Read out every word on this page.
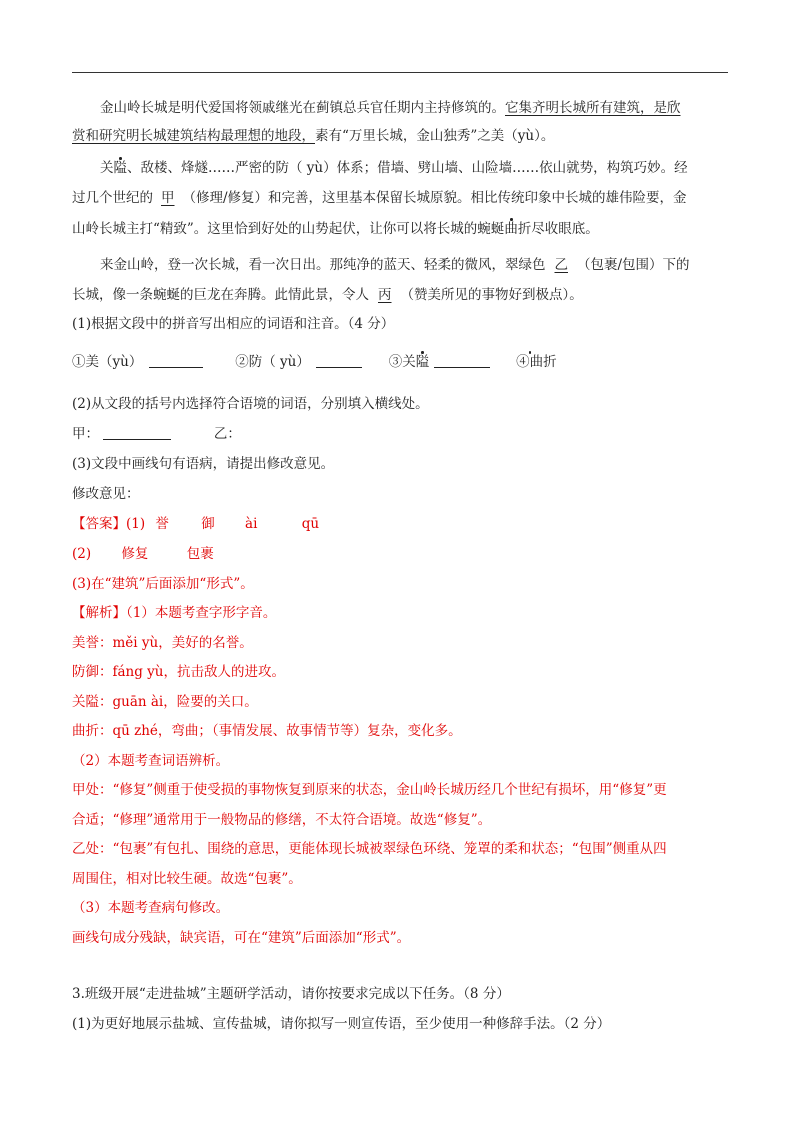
金山岭长城是明代爱国将领戚继光在蓟镇总兵官任期内主持修筑的。它集齐明长城所有建筑，是欣
赏和研究明长城建筑结构最理想的地段，素有“万里长城，金山独秀”之美（yù）。
关隘、敌楼、烽燧……严密的防（ yù）体系；借墙、劈山墙、山险墙……依山就势，构筑巧妙。经
过几个世纪的 甲 （修理/修复）和完善，这里基本保留长城原貌。相比传统印象中长城的雄伟险要，金
山岭长城主打“精致”。这里恰到好处的山势起伏，让你可以将长城的蜿蜒曲折尽收眼底。
来金山岭，登一次长城，看一次日出。那纯净的蓝天、轻柔的微风，翠绿色 乙 （包裹/包围）下的
长城，像一条蜿蜒的巨龙在奔腾。此情此景，令人 丙 （赞美所见的事物好到极点）。
(1)根据文段中的拼音写出相应的词语和注音。（4 分）
①美（yù）	②防（ yù）	③关隘	④曲折
(2)从文段的括号内选择符合语境的词语，分别填入横线处。
甲：	乙：
(3)文段中画线句有语病，请提出修改意见。
修改意见：
【答案】(1) 誉 御 ài	qū
(2) 修复	包裹
(3)在“建筑”后面添加“形式”。
【解析】（1）本题考查字形字音。
美誉：měi yù，美好的名誉。
防御：fáng yù，抗击敌人的进攻。
关隘：guān ài，险要的关口。
曲折：qū zhé，弯曲；（事情发展、故事情节等）复杂，变化多。
（2）本题考查词语辨析。
甲处：“修复”侧重于使受损的事物恢复到原来的状态，金山岭长城历经几个世纪有损坏，用“修复”更
合适；“修理”通常用于一般物品的修缮，不太符合语境。故选“修复”。
乙处：“包裹”有包扎、围绕的意思，更能体现长城被翠绿色环绕、笼罩的柔和状态；“包围”侧重从四
周围住，相对比较生硬。故选“包裹”。
（3）本题考查病句修改。
画线句成分残缺，缺宾语，可在“建筑”后面添加“形式”。
3.班级开展“走进盐城”主题研学活动，请你按要求完成以下任务。（8 分）
(1)为更好地展示盐城、宣传盐城，请你拟写一则宣传语，至少使用一种修辞手法。（2 分）
